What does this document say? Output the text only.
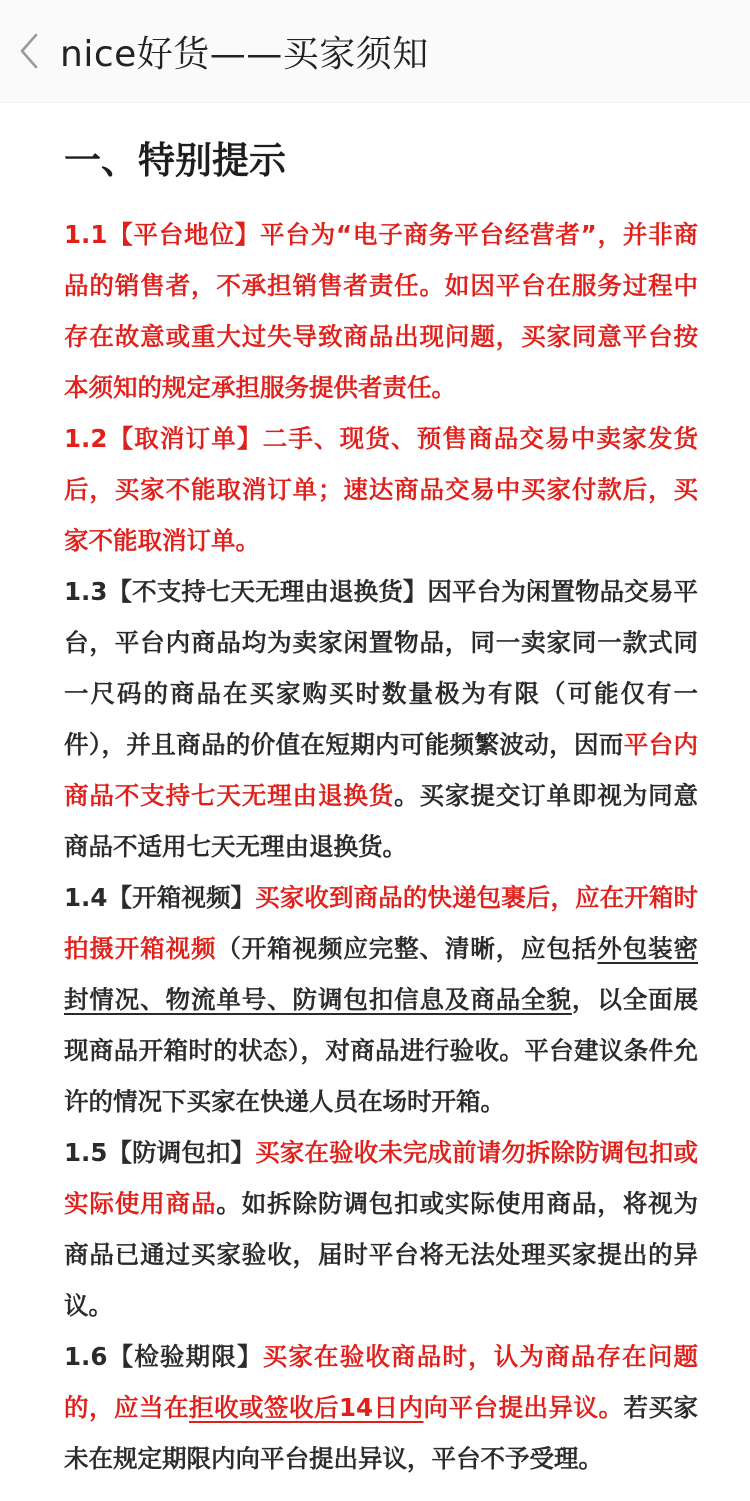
nice好货——买家须知
一、特别提示

1.1【平台地位】平台为“电子商务平台经营者”，并非商品的销售者，不承担销售者责任。如因平台在服务过程中存在故意或重大过失导致商品出现问题，买家同意平台按本须知的规定承担服务提供者责任。

1.2【取消订单】二手、现货、预售商品交易中卖家发货后，买家不能取消订单；速达商品交易中买家付款后，买家不能取消订单。

1.3【不支持七天无理由退换货】因平台为闲置物品交易平台，平台内商品均为卖家闲置物品，同一卖家同一款式同一尺码的商品在买家购买时数量极为有限（可能仅有一件），并且商品的价值在短期内可能频繁波动，因而平台内商品不支持七天无理由退换货。买家提交订单即视为同意商品不适用七天无理由退换货。

1.4【开箱视频】买家收到商品的快递包裹后，应在开箱时拍摄开箱视频（开箱视频应完整、清晰，应包括外包装密封情况、物流单号、防调包扣信息及商品全貌，以全面展现商品开箱时的状态），对商品进行验收。平台建议条件允许的情况下买家在快递人员在场时开箱。

1.5【防调包扣】买家在验收未完成前请勿拆除防调包扣或实际使用商品。如拆除防调包扣或实际使用商品，将视为商品已通过买家验收，届时平台将无法处理买家提出的异议。

1.6【检验期限】买家在验收商品时，认为商品存在问题的，应当在拒收或签收后14日内向平台提出异议。若买家未在规定期限内向平台提出异议，平台不予受理。
